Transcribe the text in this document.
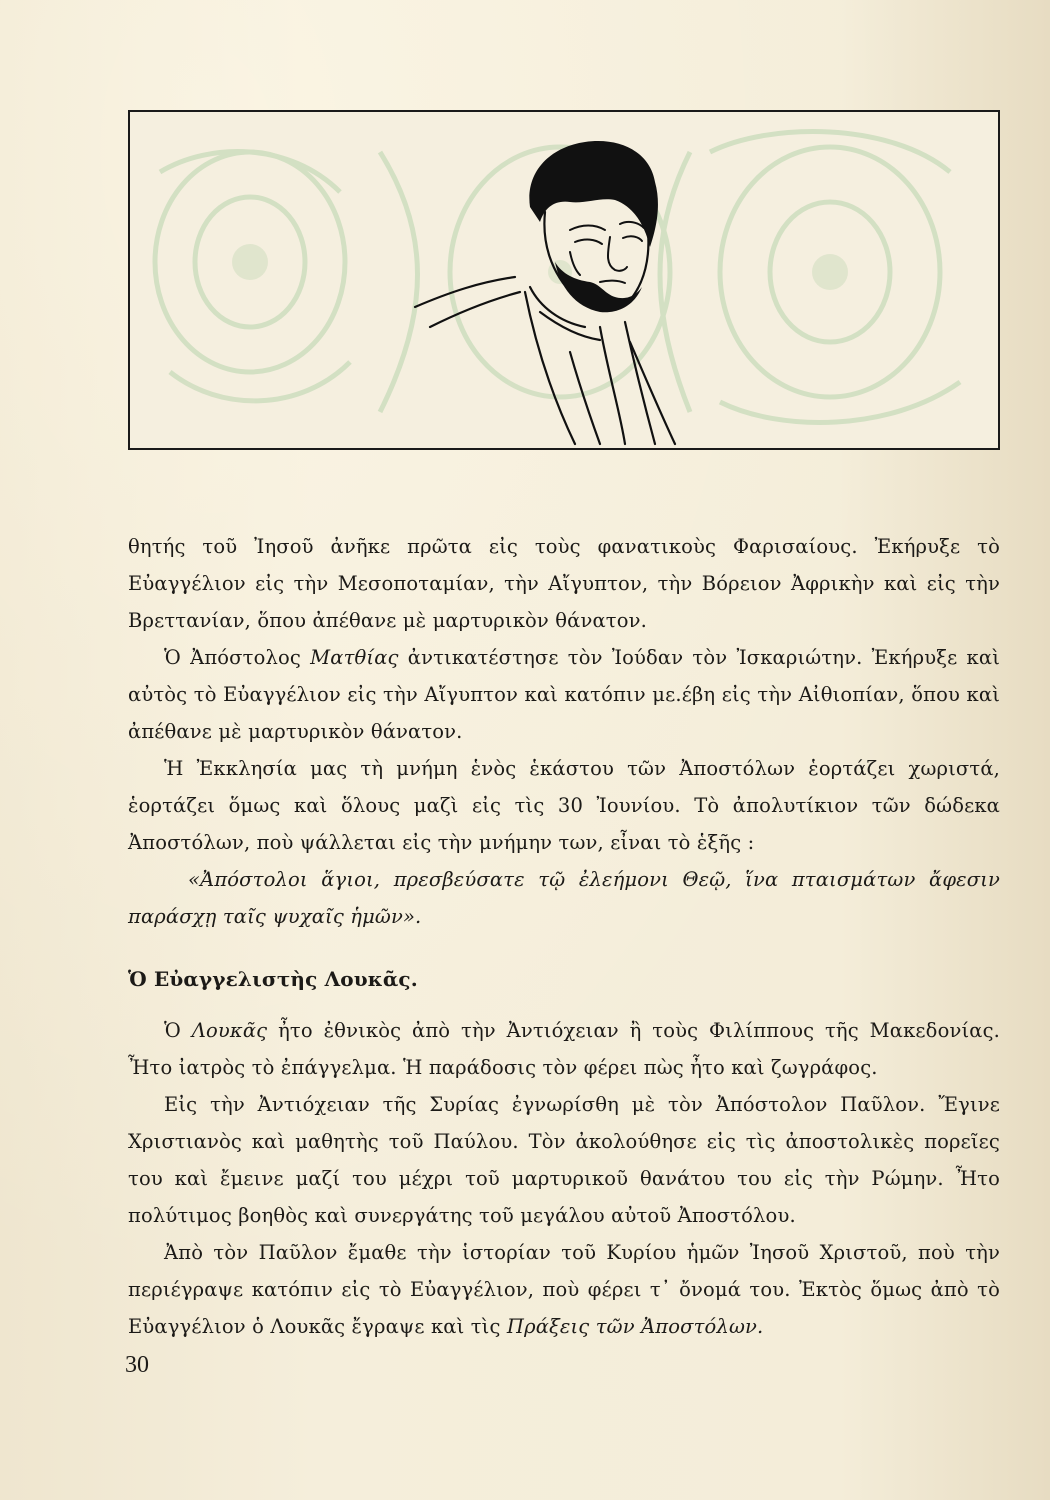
θητής τοῦ Ἰησοῦ ἀνῆκε πρῶτα εἰς τοὺς φανατικοὺς Φαρισαίους. Ἐκήρυξε τὸ Εὐαγγέλιον εἰς τὴν Μεσοποταμίαν, τὴν Αἴγυπτον, τὴν Βόρειον Ἀφρικὴν καὶ εἰς τὴν Βρεττανίαν, ὅπου ἀπέθανε μὲ μαρτυρικὸν θάνατον.

Ὁ Ἀπόστολος Ματθίας ἀντικατέστησε τὸν Ἰούδαν τὸν Ἰσκαριώτην. Ἐκήρυξε καὶ αὐτὸς τὸ Εὐαγγέλιον εἰς τὴν Αἴγυπτον καὶ κατόπιν με.έβη εἰς τὴν Αἰθιοπίαν, ὅπου καὶ ἀπέθανε μὲ μαρτυρικὸν θάνατον.

Ἡ Ἐκκλησία μας τὴ μνήμη ἑνὸς ἑκάστου τῶν Ἀποστόλων ἑορτάζει χωριστά, ἑορτάζει ὅμως καὶ ὅλους μαζὶ εἰς τὶς 30 Ἰουνίου. Τὸ ἀπολυτίκιον τῶν δώδεκα Ἀποστόλων, ποὺ ψάλλεται εἰς τὴν μνήμην των, εἶναι τὸ ἑξῆς :

«Ἀπόστολοι ἅγιοι, πρεσβεύσατε τῷ ἐλεήμονι Θεῷ, ἵνα πταισμάτων ἄφεσιν παράσχῃ ταῖς ψυχαῖς ἡμῶν».

Ὁ Εὐαγγελιστὴς Λουκᾶς.

Ὁ Λουκᾶς ἦτο ἐθνικὸς ἀπὸ τὴν Ἀντιόχειαν ἢ τοὺς Φιλίππους τῆς Μακεδονίας. Ἦτο ἰατρὸς τὸ ἐπάγγελμα. Ἡ παράδοσις τὸν φέρει πὼς ἦτο καὶ ζωγράφος.

Εἰς τὴν Ἀντιόχειαν τῆς Συρίας ἐγνωρίσθη μὲ τὸν Ἀπόστολον Παῦλον. Ἔγινε Χριστιανὸς καὶ μαθητὴς τοῦ Παύλου. Τὸν ἀκολούθησε εἰς τὶς ἀποστολικὲς πορεῖες του καὶ ἔμεινε μαζί του μέχρι τοῦ μαρτυρικοῦ θανάτου του εἰς τὴν Ρώμην. Ἦτο πολύτιμος βοηθὸς καὶ συνεργάτης τοῦ μεγάλου αὐτοῦ Ἀποστόλου.

Ἀπὸ τὸν Παῦλον ἔμαθε τὴν ἱστορίαν τοῦ Κυρίου ἡμῶν Ἰησοῦ Χριστοῦ, ποὺ τὴν περιέγραψε κατόπιν εἰς τὸ Εὐαγγέλιον, ποὺ φέρει τ᾽ ὄνομά του. Ἐκτὸς ὅμως ἀπὸ τὸ Εὐαγγέλιον ὁ Λουκᾶς ἔγραψε καὶ τὶς Πράξεις τῶν Ἀποστόλων.

30
